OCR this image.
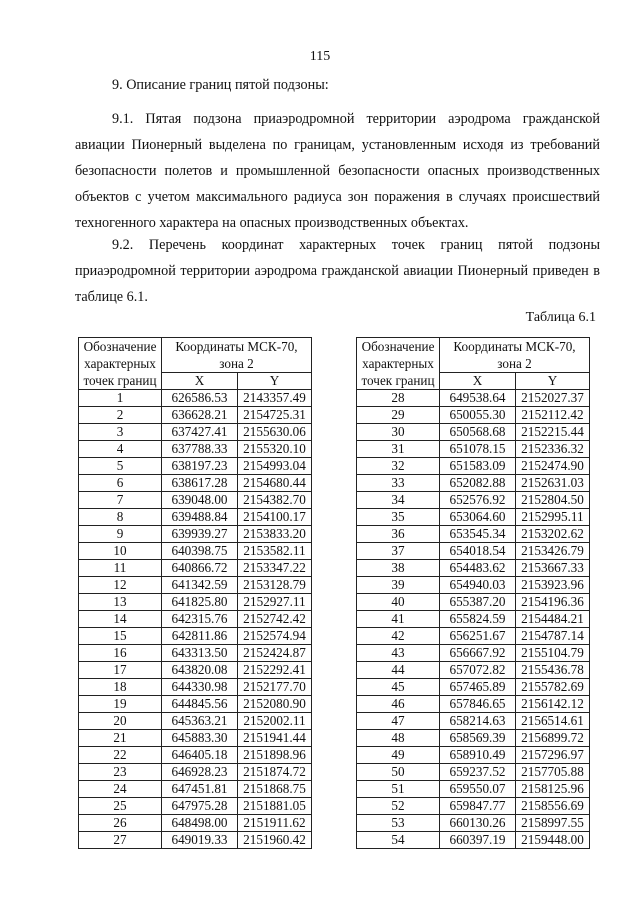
115
9. Описание границ пятой подзоны:
9.1. Пятая подзона приаэродромной территории аэродрома гражданской авиации Пионерный выделена по границам, установленным исходя из требований безопасности полетов и промышленной безопасности опасных производственных объектов с учетом максимального радиуса зон поражения в случаях происшествий техногенного характера на опасных производственных объектах.
9.2. Перечень координат характерных точек границ пятой подзоны приаэродромной территории аэродрома гражданской авиации Пионерный приведен в таблице 6.1.
Таблица 6.1
Обозначение характерных точек границ	Координаты МСК-70, зона 2	
	X	Y
1	626586.53	2143357.49
2	636628.21	2154725.31
3	637427.41	2155630.06
4	637788.33	2155320.10
5	638197.23	2154993.04
6	638617.28	2154680.44
7	639048.00	2154382.70
8	639488.84	2154100.17
9	639939.27	2153833.20
10	640398.75	2153582.11
11	640866.72	2153347.22
12	641342.59	2153128.79
13	641825.80	2152927.11
14	642315.76	2152742.42
15	642811.86	2152574.94
16	643313.50	2152424.87
17	643820.08	2152292.41
18	644330.98	2152177.70
19	644845.56	2152080.90
20	645363.21	2152002.11
21	645883.30	2151941.44
22	646405.18	2151898.96
23	646928.23	2151874.72
24	647451.81	2151868.75
25	647975.28	2151881.05
26	648498.00	2151911.62
27	649019.33	2151960.42
Обозначение характерных точек границ	Координаты МСК-70, зона 2	
	X	Y
28	649538.64	2152027.37
29	650055.30	2152112.42
30	650568.68	2152215.44
31	651078.15	2152336.32
32	651583.09	2152474.90
33	652082.88	2152631.03
34	652576.92	2152804.50
35	653064.60	2152995.11
36	653545.34	2153202.62
37	654018.54	2153426.79
38	654483.62	2153667.33
39	654940.03	2153923.96
40	655387.20	2154196.36
41	655824.59	2154484.21
42	656251.67	2154787.14
43	656667.92	2155104.79
44	657072.82	2155436.78
45	657465.89	2155782.69
46	657846.65	2156142.12
47	658214.63	2156514.61
48	658569.39	2156899.72
49	658910.49	2157296.97
50	659237.52	2157705.88
51	659550.07	2158125.96
52	659847.77	2158556.69
53	660130.26	2158997.55
54	660397.19	2159448.00
